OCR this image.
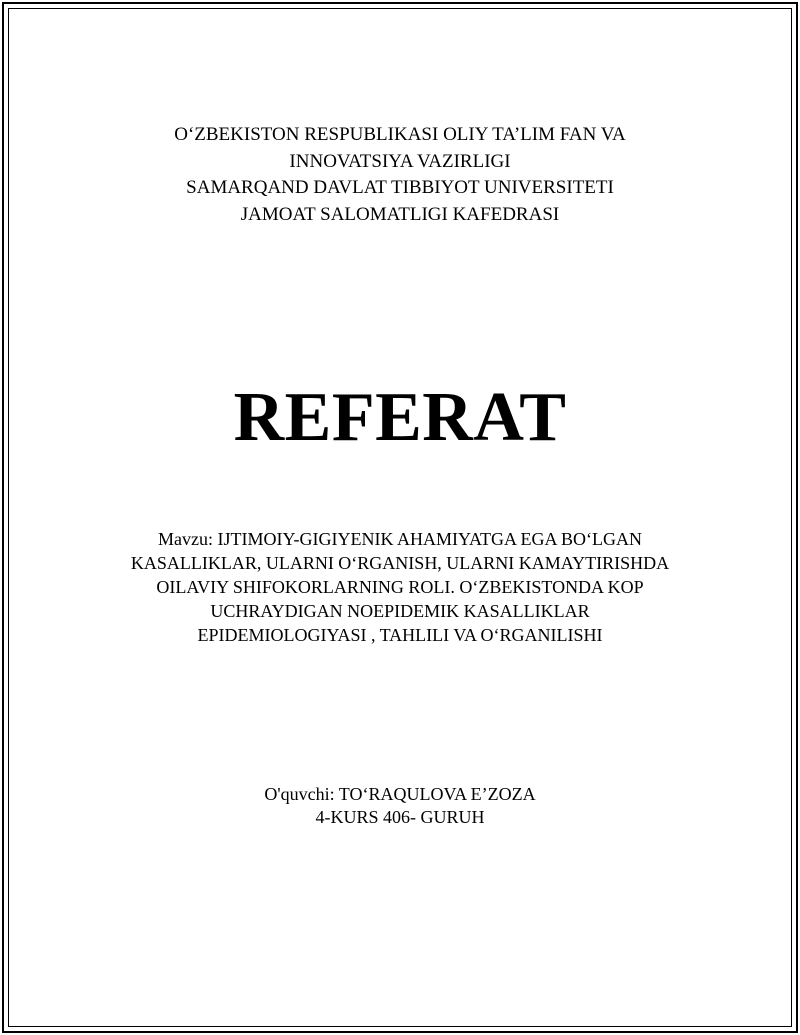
O‘ZBEKISTON RESPUBLIKASI OLIY TA’LIM FAN VA
INNOVATSIYA VAZIRLIGI
SAMARQAND DAVLAT TIBBIYOT UNIVERSITETI
JAMOAT SALOMATLIGI KAFEDRASI
REFERAT
Mavzu: IJTIMOIY-GIGIYENIK AHAMIYATGA EGA BO‘LGAN
KASALLIKLAR, ULARNI O‘RGANISH, ULARNI KAMAYTIRISHDA
OILAVIY SHIFOKORLARNING ROLI. O‘ZBEKISTONDA KOP
UCHRAYDIGAN NOEPIDEMIK KASALLIKLAR
EPIDEMIOLOGIYASI , TAHLILI VA O‘RGANILISHI
O'quvchi: TO‘RAQULOVA E’ZOZA
4-KURS 406- GURUH
